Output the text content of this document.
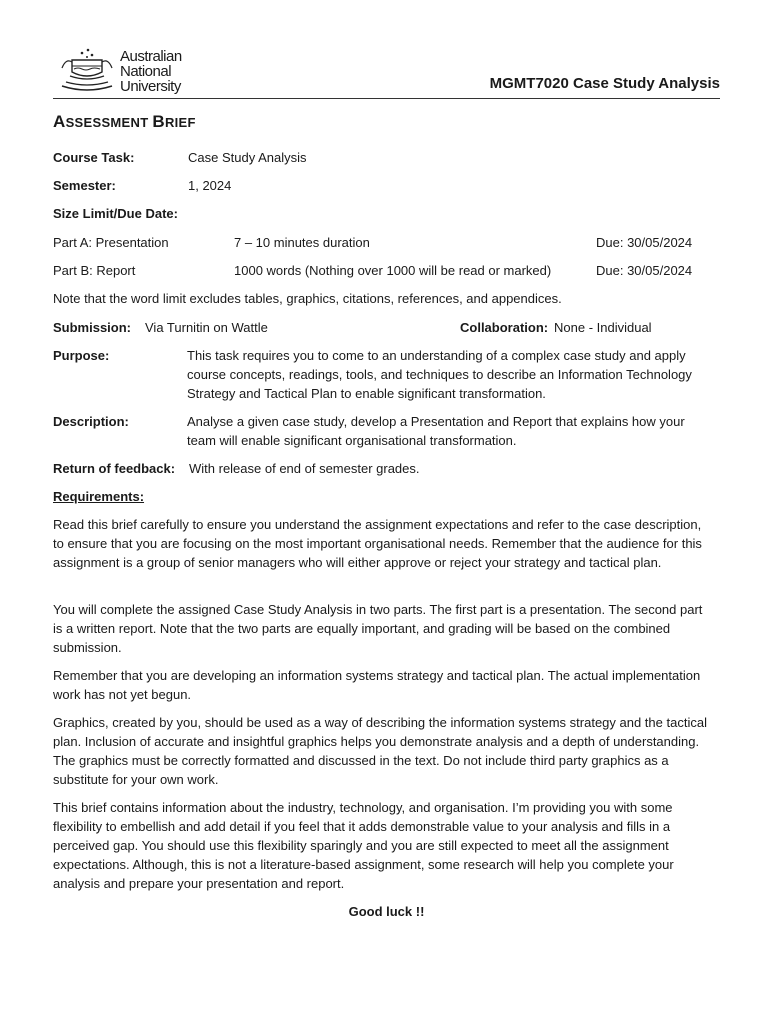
Australian
National
University	MGMT7020 Case Study Analysis
ASSESSMENT BRIEF
Course Task:	Case Study Analysis
Semester:	1, 2024
Size Limit/Due Date:
Part A: Presentation	7 – 10 minutes duration	Due: 30/05/2024
Part B: Report	1000 words (Nothing over 1000 will be read or marked)	Due: 30/05/2024
Note that the word limit excludes tables, graphics, citations, references, and appendices.
Submission: Via Turnitin on Wattle	Collaboration: None - Individual
Purpose:	This task requires you to come to an understanding of a complex case study and apply course concepts, readings, tools, and techniques to describe an Information Technology Strategy and Tactical Plan to enable significant transformation.
Description:	Analyse a given case study, develop a Presentation and Report that explains how your team will enable significant organisational transformation.
Return of feedback: With release of end of semester grades.
Requirements:
Read this brief carefully to ensure you understand the assignment expectations and refer to the case description, to ensure that you are focusing on the most important organisational needs. Remember that the audience for this assignment is a group of senior managers who will either approve or reject your strategy and tactical plan.
You will complete the assigned Case Study Analysis in two parts. The first part is a presentation. The second part is a written report. Note that the two parts are equally important, and grading will be based on the combined submission.
Remember that you are developing an information systems strategy and tactical plan. The actual implementation work has not yet begun.
Graphics, created by you, should be used as a way of describing the information systems strategy and the tactical plan. Inclusion of accurate and insightful graphics helps you demonstrate analysis and a depth of understanding. The graphics must be correctly formatted and discussed in the text. Do not include third party graphics as a substitute for your own work.
This brief contains information about the industry, technology, and organisation. I’m providing you with some flexibility to embellish and add detail if you feel that it adds demonstrable value to your analysis and fills in a perceived gap. You should use this flexibility sparingly and you are still expected to meet all the assignment expectations. Although, this is not a literature-based assignment, some research will help you complete your analysis and prepare your presentation and report.
Good luck !!
